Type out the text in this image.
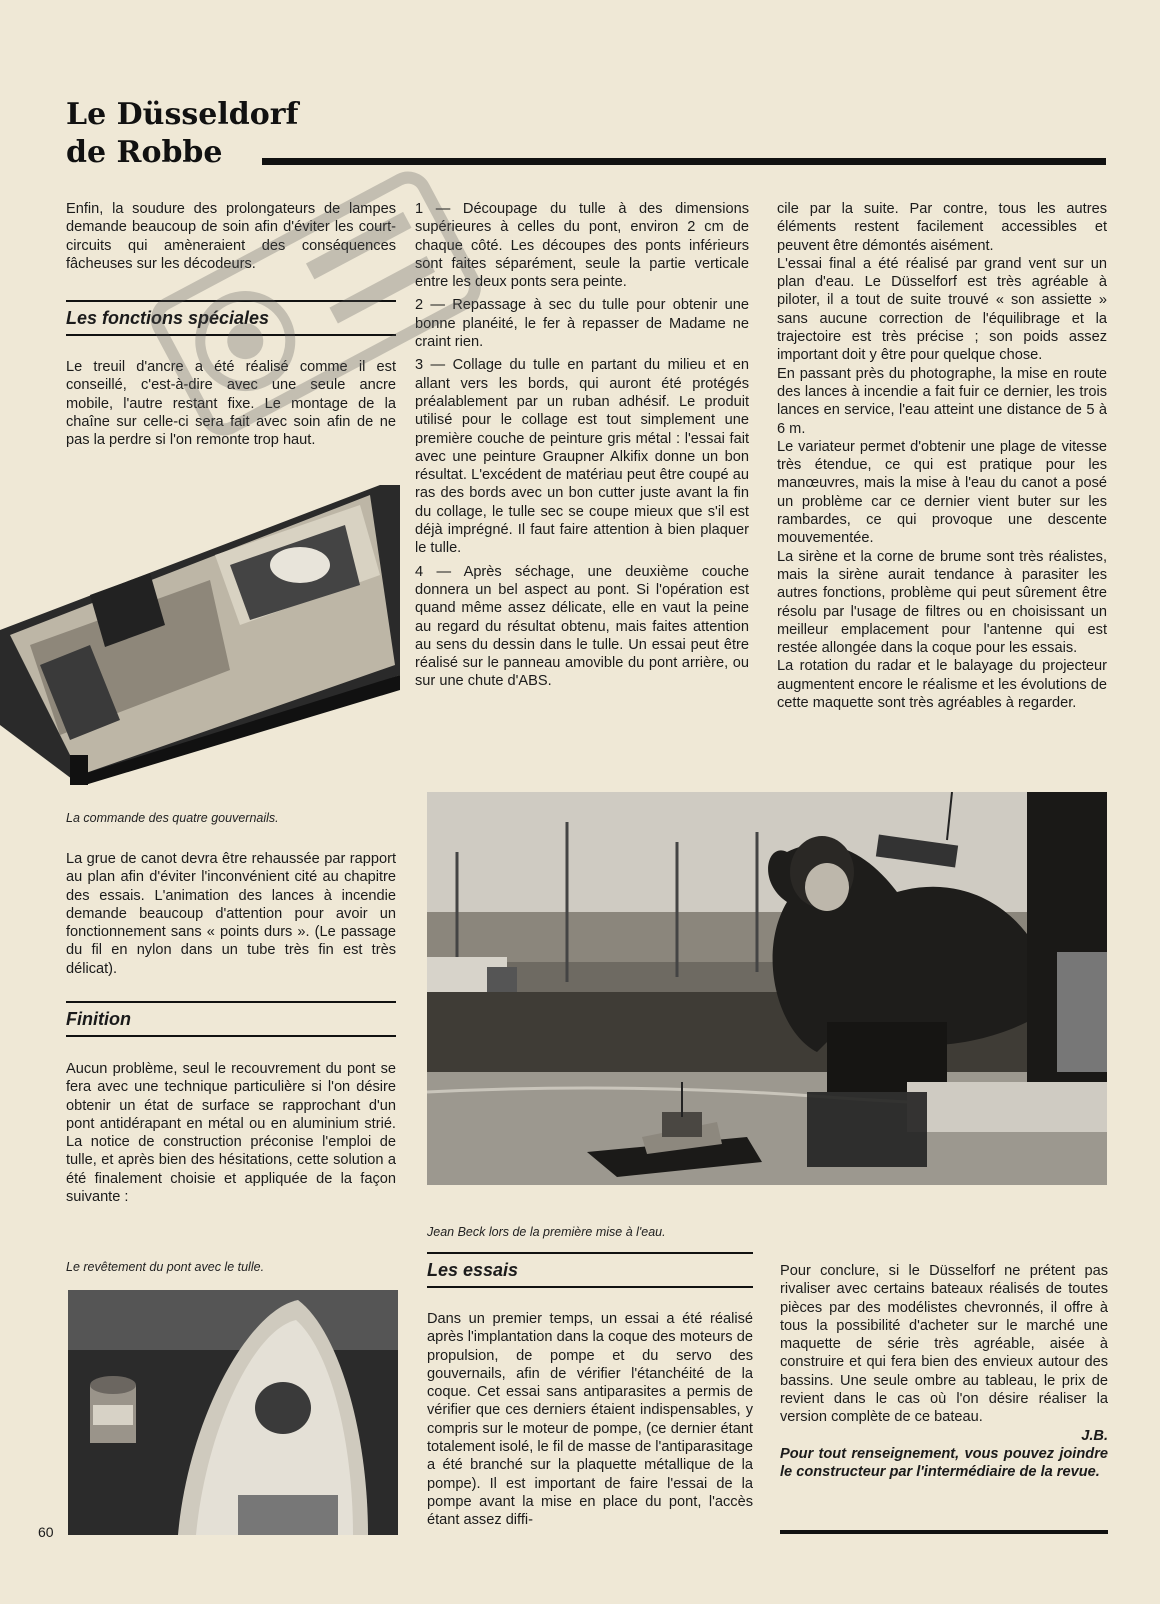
Le Düsseldorf
de Robbe

Enfin, la soudure des prolongateurs de lampes demande beaucoup de soin afin d'éviter les court-circuits qui amèneraient des conséquences fâcheuses sur les décodeurs.

Les fonctions spéciales

Le treuil d'ancre a été réalisé comme il est conseillé, c'est-à-dire avec une seule ancre mobile, l'autre restant fixe. Le montage de la chaîne sur celle-ci sera fait avec soin afin de ne pas la perdre si l'on remonte trop haut.

La commande des quatre gouvernails.

La grue de canot devra être rehaussée par rapport au plan afin d'éviter l'inconvénient cité au chapitre des essais. L'animation des lances à incendie demande beaucoup d'attention pour avoir un fonctionnement sans « points durs ». (Le passage du fil en nylon dans un tube très fin est très délicat).

Finition

Aucun problème, seul le recouvrement du pont se fera avec une technique particulière si l'on désire obtenir un état de surface se rapprochant d'un pont antidérapant en métal ou en aluminium strié. La notice de construction préconise l'emploi de tulle, et après bien des hésitations, cette solution a été finalement choisie et appliquée de la façon suivante :

Le revêtement du pont avec le tulle.

60

1 — Découpage du tulle à des dimensions supérieures à celles du pont, environ 2 cm de chaque côté. Les découpes des ponts inférieurs sont faites séparément, seule la partie verticale entre les deux ponts sera peinte.

2 — Repassage à sec du tulle pour obtenir une bonne planéité, le fer à repasser de Madame ne craint rien.

3 — Collage du tulle en partant du milieu et en allant vers les bords, qui auront été protégés préalablement par un ruban adhésif. Le produit utilisé pour le collage est tout simplement une première couche de peinture gris métal : l'essai fait avec une peinture Graupner Alkifix donne un bon résultat. L'excédent de matériau peut être coupé au ras des bords avec un bon cutter juste avant la fin du collage, le tulle sec se coupe mieux que s'il est déjà imprégné. Il faut faire attention à bien plaquer le tulle.

4 — Après séchage, une deuxième couche donnera un bel aspect au pont. Si l'opération est quand même assez délicate, elle en vaut la peine au regard du résultat obtenu, mais faites attention au sens du dessin dans le tulle. Un essai peut être réalisé sur le panneau amovible du pont arrière, ou sur une chute d'ABS.

cile par la suite. Par contre, tous les autres éléments restent facilement accessibles et peuvent être démontés aisément.

L'essai final a été réalisé par grand vent sur un plan d'eau. Le Düsselforf est très agréable à piloter, il a tout de suite trouvé « son assiette » sans aucune correction de l'équilibrage et la trajectoire est très précise ; son poids assez important doit y être pour quelque chose.

En passant près du photographe, la mise en route des lances à incendie a fait fuir ce dernier, les trois lances en service, l'eau atteint une distance de 5 à 6 m.

Le variateur permet d'obtenir une plage de vitesse très étendue, ce qui est pratique pour les manœuvres, mais la mise à l'eau du canot a posé un problème car ce dernier vient buter sur les rambardes, ce qui provoque une descente mouvementée.

La sirène et la corne de brume sont très réalistes, mais la sirène aurait tendance à parasiter les autres fonctions, problème qui peut sûrement être résolu par l'usage de filtres ou en choisissant un meilleur emplacement pour l'antenne qui est restée allongée dans la coque pour les essais.

La rotation du radar et le balayage du projecteur augmentent encore le réalisme et les évolutions de cette maquette sont très agréables à regarder.

Jean Beck lors de la première mise à l'eau.

Les essais

Dans un premier temps, un essai a été réalisé après l'implantation dans la coque des moteurs de propulsion, de pompe et du servo des gouvernails, afin de vérifier l'étanchéité de la coque. Cet essai sans antiparasites a permis de vérifier que ces derniers étaient indispensables, y compris sur le moteur de pompe, (ce dernier étant totalement isolé, le fil de masse de l'antiparasitage a été branché sur la plaquette métallique de la pompe). Il est important de faire l'essai de la pompe avant la mise en place du pont, l'accès étant assez diffi-

Pour conclure, si le Düsselforf ne prétent pas rivaliser avec certains bateaux réalisés de toutes pièces par des modélistes chevronnés, il offre à tous la possibilité d'acheter sur le marché une maquette de série très agréable, aisée à construire et qui fera bien des envieux autour des bassins. Une seule ombre au tableau, le prix de revient dans le cas où l'on désire réaliser la version complète de ce bateau.

J.B.

Pour tout renseignement, vous pouvez joindre le constructeur par l'intermédiaire de la revue.
